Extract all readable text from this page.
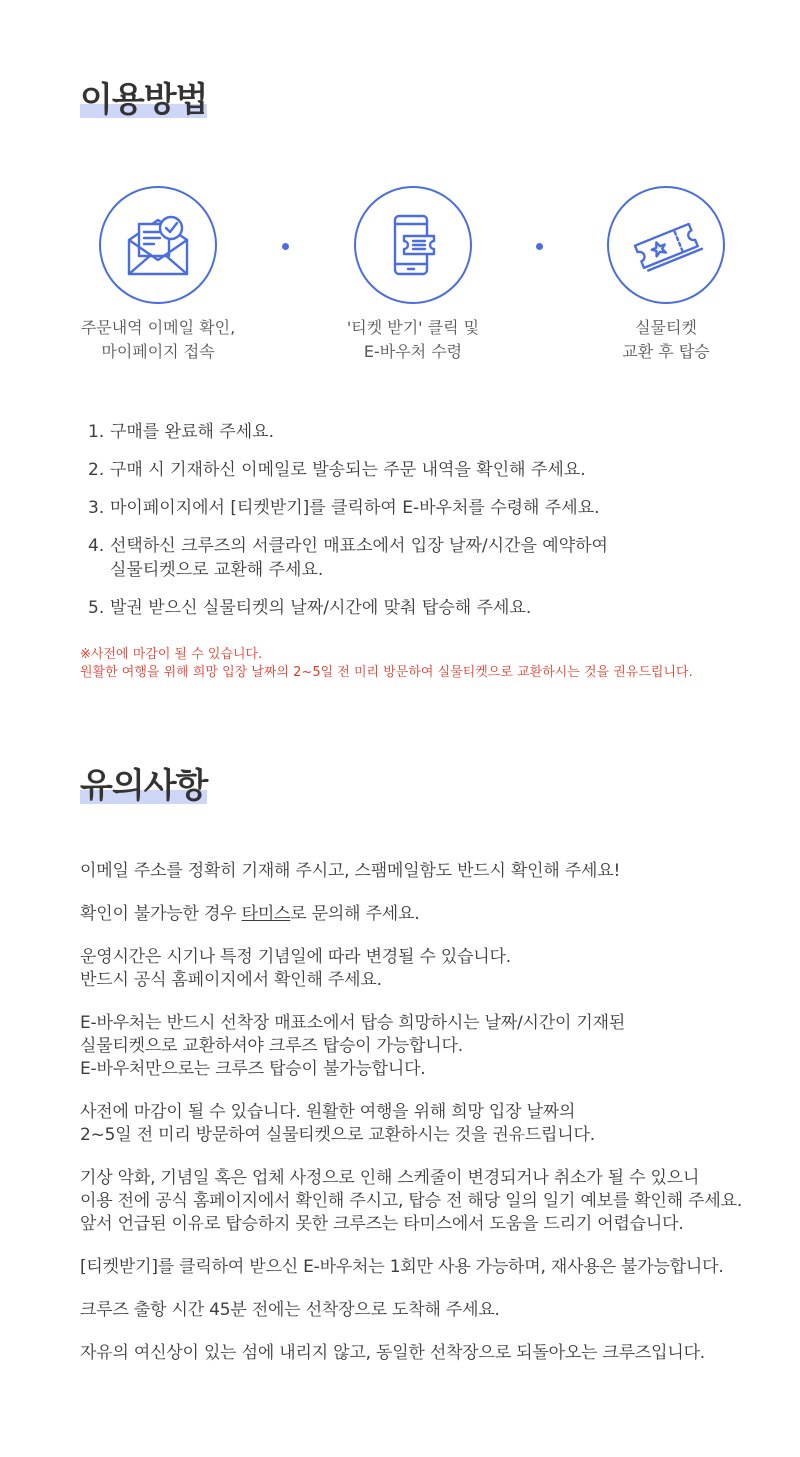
이용방법
주문내역 이메일 확인,
마이페이지 접속
'티켓 받기' 클릭 및
E-바우처 수령
실물티켓
교환 후 탑승
1. 구매를 완료해 주세요.
2. 구매 시 기재하신 이메일로 발송되는 주문 내역을 확인해 주세요.
3. 마이페이지에서 [티켓받기]를 클릭하여 E-바우처를 수령해 주세요.
4. 선택하신 크루즈의 서클라인 매표소에서 입장 날짜/시간을 예약하여
실물티켓으로 교환해 주세요.
5. 발권 받으신 실물티켓의 날짜/시간에 맞춰 탑승해 주세요.
※사전에 마감이 될 수 있습니다.
원활한 여행을 위해 희망 입장 날짜의 2~5일 전 미리 방문하여 실물티켓으로 교환하시는 것을 권유드립니다.
유의사항

이메일 주소를 정확히 기재해 주시고, 스팸메일함도 반드시 확인해 주세요!

확인이 불가능한 경우 타미스로 문의해 주세요.

운영시간은 시기나 특정 기념일에 따라 변경될 수 있습니다.
반드시 공식 홈페이지에서 확인해 주세요.

E-바우처는 반드시 선착장 매표소에서 탑승 희망하시는 날짜/시간이 기재된
실물티켓으로 교환하셔야 크루즈 탑승이 가능합니다.
E-바우처만으로는 크루즈 탑승이 불가능합니다.

사전에 마감이 될 수 있습니다. 원활한 여행을 위해 희망 입장 날짜의
2~5일 전 미리 방문하여 실물티켓으로 교환하시는 것을 권유드립니다.

기상 악화, 기념일 혹은 업체 사정으로 인해 스케줄이 변경되거나 취소가 될 수 있으니
이용 전에 공식 홈페이지에서 확인해 주시고, 탑승 전 해당 일의 일기 예보를 확인해 주세요.
앞서 언급된 이유로 탑승하지 못한 크루즈는 타미스에서 도움을 드리기 어렵습니다.

[티켓받기]를 클릭하여 받으신 E-바우처는 1회만 사용 가능하며, 재사용은 불가능합니다.

크루즈 출항 시간 45분 전에는 선착장으로 도착해 주세요.

자유의 여신상이 있는 섬에 내리지 않고, 동일한 선착장으로 되돌아오는 크루즈입니다.
